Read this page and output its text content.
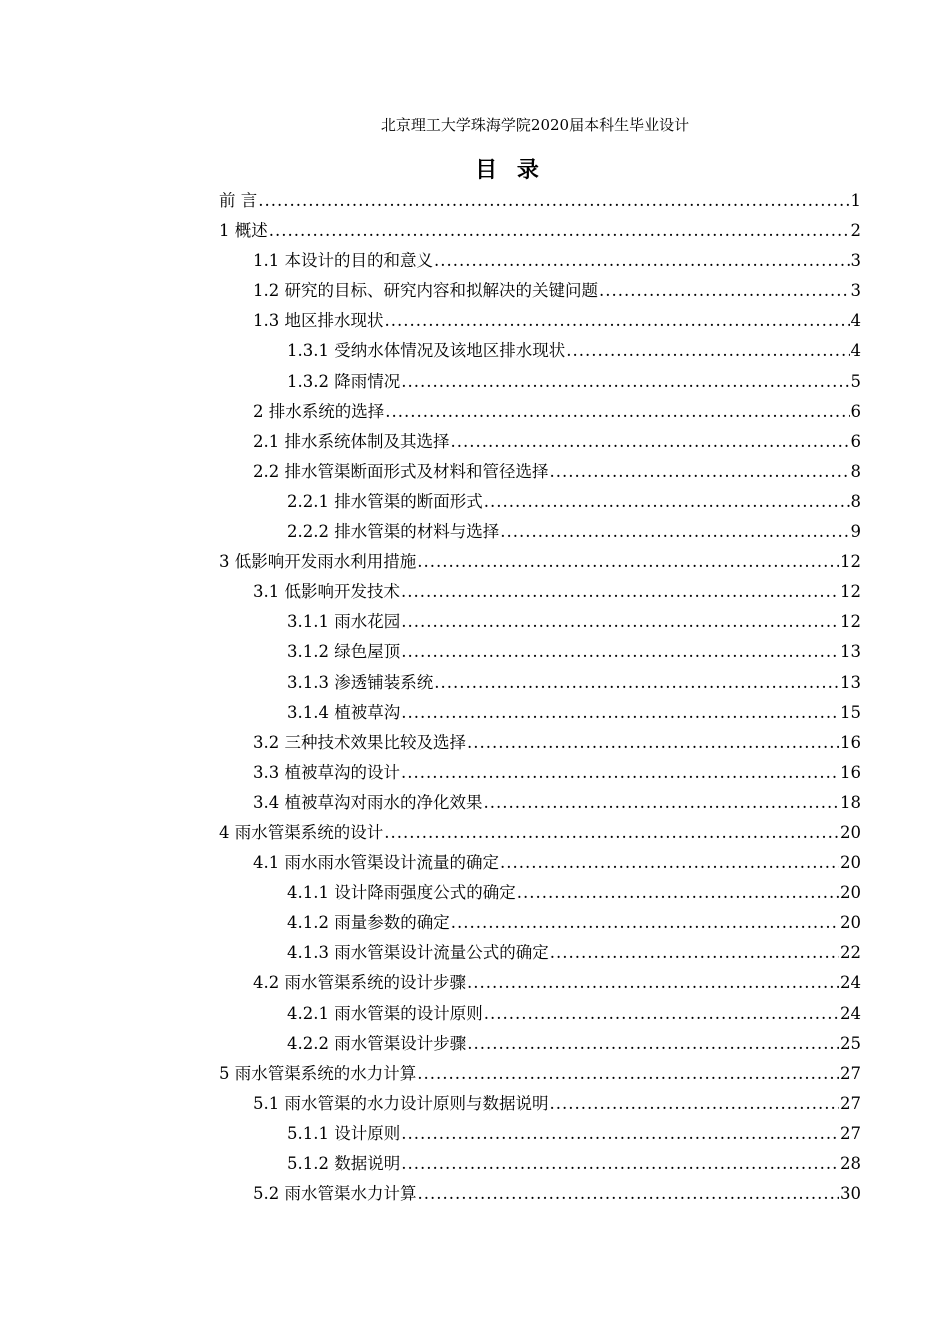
北京理工大学珠海学院2020届本科生毕业设计
目 录
前 言 .....	1
1 概述 .....	2
1.1 本设计的目的和意义 .....	3
1.2 研究的目标、研究内容和拟解决的关键问题 .....	3
1.3 地区排水现状 .....	4
1.3.1 受纳水体情况及该地区排水现状 .....	4
1.3.2 降雨情况 .....	5
2 排水系统的选择 .....	6
2.1 排水系统体制及其选择 .....	6
2.2 排水管渠断面形式及材料和管径选择 .....	8
2.2.1 排水管渠的断面形式 .....	8
2.2.2 排水管渠的材料与选择 .....	9
3 低影响开发雨水利用措施 .....	12
3.1 低影响开发技术 .....	12
3.1.1 雨水花园 .....	12
3.1.2 绿色屋顶 .....	13
3.1.3 渗透铺装系统 .....	13
3.1.4 植被草沟 .....	15
3.2 三种技术效果比较及选择 .....	16
3.3 植被草沟的设计 .....	16
3.4 植被草沟对雨水的净化效果 .....	18
4 雨水管渠系统的设计 .....	20
4.1 雨水雨水管渠设计流量的确定 .....	20
4.1.1 设计降雨强度公式的确定 .....	20
4.1.2 雨量参数的确定 .....	20
4.1.3 雨水管渠设计流量公式的确定 .....	22
4.2 雨水管渠系统的设计步骤 .....	24
4.2.1 雨水管渠的设计原则 .....	24
4.2.2 雨水管渠设计步骤 .....	25
5 雨水管渠系统的水力计算 .....	27
5.1 雨水管渠的水力设计原则与数据说明 .....	27
5.1.1 设计原则 .....	27
5.1.2 数据说明 .....	28
5.2 雨水管渠水力计算 .....	30
